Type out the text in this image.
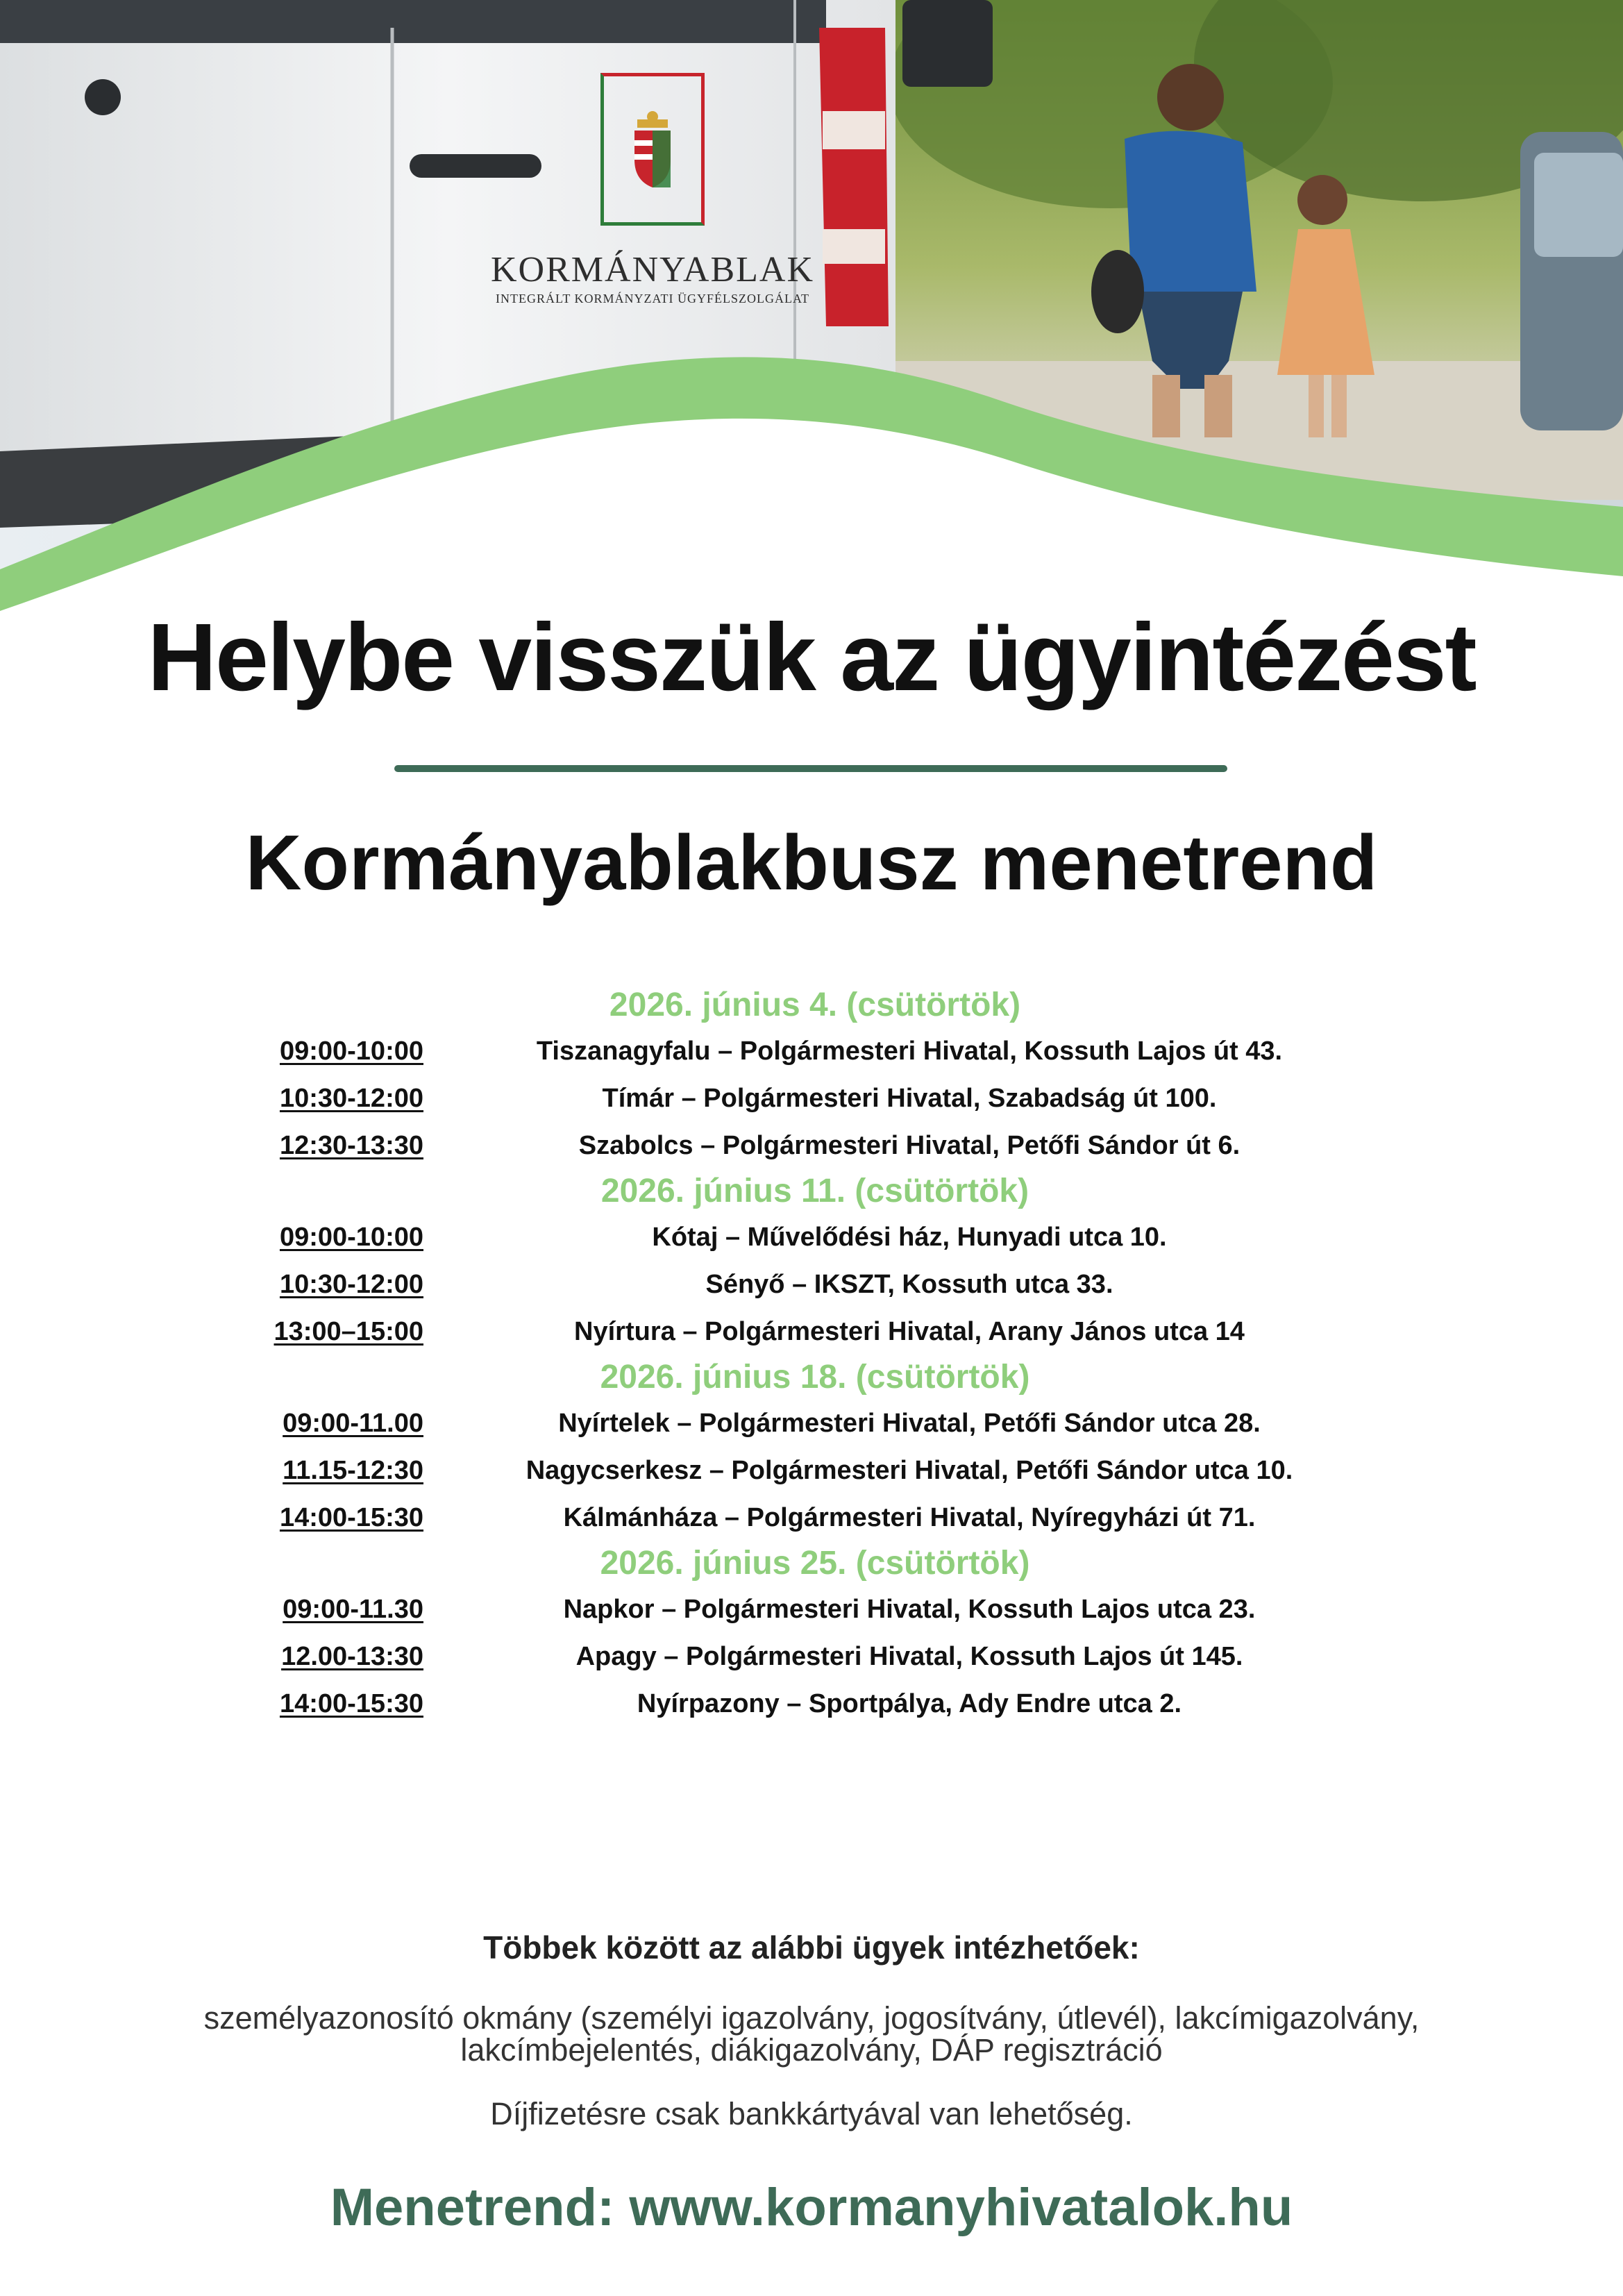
KORMÁNYABLAK
INTEGRÁLT KORMÁNYZATI ÜGYFÉLSZOLGÁLAT
Helybe visszük az ügyintézést
Kormányablakbusz menetrend
2026. június 4. (csütörtök)
09:00-10:00	Tiszanagyfalu – Polgármesteri Hivatal, Kossuth Lajos út 43.
10:30-12:00	Tímár – Polgármesteri Hivatal, Szabadság út 100.
12:30-13:30	Szabolcs – Polgármesteri Hivatal, Petőfi Sándor út 6.
2026. június 11. (csütörtök)
09:00-10:00	Kótaj – Művelődési ház, Hunyadi utca 10.
10:30-12:00	Sényő – IKSZT, Kossuth utca 33.
13:00–15:00	Nyírtura – Polgármesteri Hivatal, Arany János utca 14
2026. június 18. (csütörtök)
09:00-11.00	Nyírtelek – Polgármesteri Hivatal, Petőfi Sándor utca 28.
11.15-12:30	Nagycserkesz – Polgármesteri Hivatal, Petőfi Sándor utca 10.
14:00-15:30	Kálmánháza – Polgármesteri Hivatal, Nyíregyházi út 71.
2026. június 25. (csütörtök)
09:00-11.30	Napkor – Polgármesteri Hivatal, Kossuth Lajos utca 23.
12.00-13:30	Apagy – Polgármesteri Hivatal, Kossuth Lajos út 145.
14:00-15:30	Nyírpazony – Sportpálya, Ady Endre utca 2.
Többek között az alábbi ügyek intézhetőek:
személyazonosító okmány (személyi igazolvány, jogosítvány, útlevél), lakcímigazolvány,
lakcímbejelentés, diákigazolvány, DÁP regisztráció
Díjfizetésre csak bankkártyával van lehetőség.
Menetrend: www.kormanyhivatalok.hu
